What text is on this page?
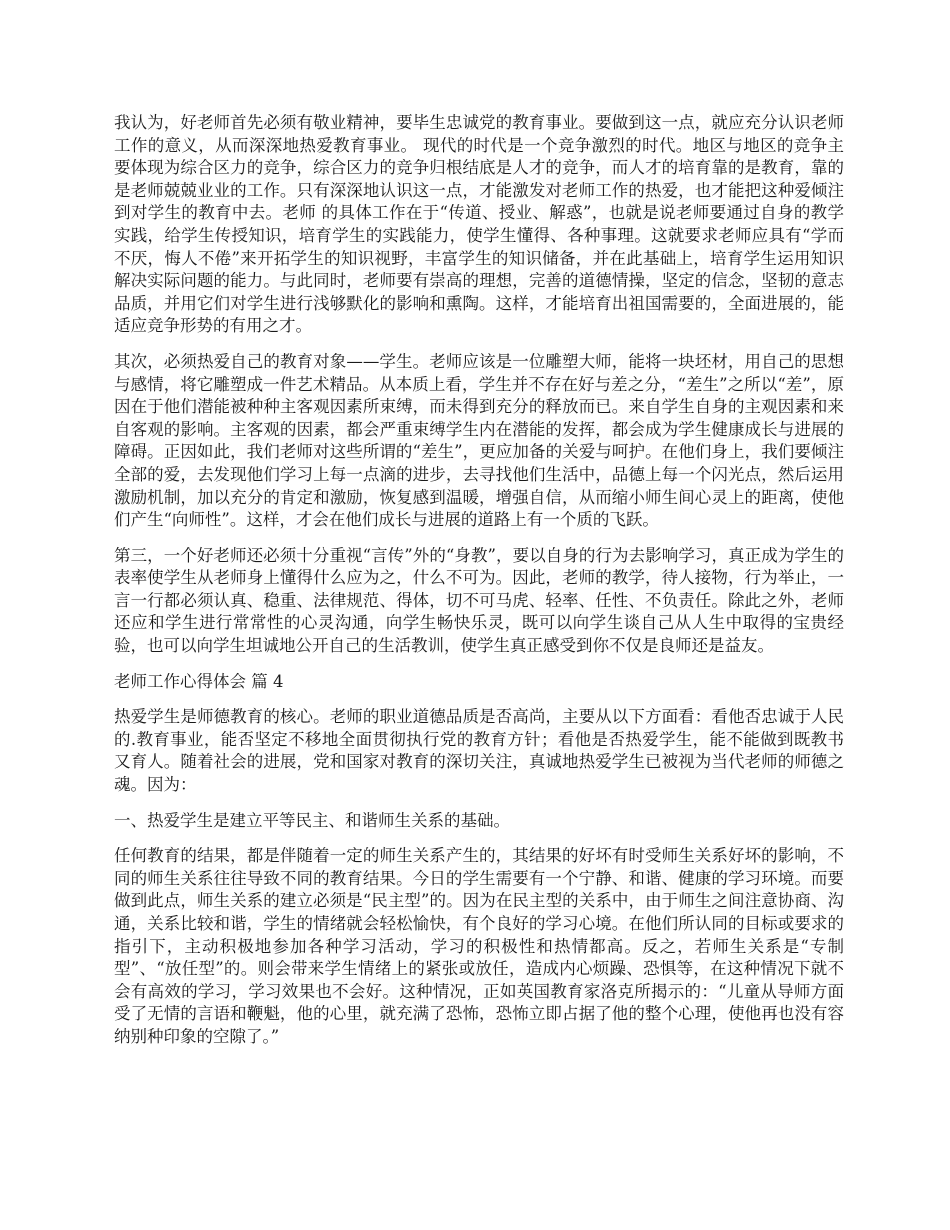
我认为，好老师首先必须有敬业精神，要毕生忠诚党的教育事业。要做到这一点，就应充分认识老师工作的意义，从而深深地热爱教育事业。 现代的时代是一个竞争激烈的时代。地区与地区的竞争主要体现为综合区力的竞争，综合区力的竞争归根结底是人才的竞争，而人才的培育靠的是教育，靠的是老师兢兢业业的工作。只有深深地认识这一点，才能激发对老师工作的热爱，也才能把这种爱倾注到对学生的教育中去。老师 的具体工作在于“传道、授业、解惑”，也就是说老师要通过自身的教学实践，给学生传授知识，培育学生的实践能力，使学生懂得、各种事理。这就要求老师应具有“学而不厌，悔人不倦”来开拓学生的知识视野，丰富学生的知识储备，并在此基础上，培育学生运用知识解决实际问题的能力。与此同时，老师要有崇高的理想，完善的道德情操，坚定的信念，坚韧的意志品质，并用它们对学生进行浅够默化的影响和熏陶。这样，才能培育出祖国需要的，全面进展的，能适应竞争形势的有用之才。

其次，必须热爱自己的教育对象——学生。老师应该是一位雕塑大师，能将一块坯材，用自己的思想与感情，将它雕塑成一件艺术精品。从本质上看，学生并不存在好与差之分，“差生”之所以“差”，原因在于他们潜能被种种主客观因素所束缚，而未得到充分的释放而已。来自学生自身的主观因素和来自客观的影响。主客观的因素，都会严重束缚学生内在潜能的发挥，都会成为学生健康成长与进展的障碍。正因如此，我们老师对这些所谓的“差生”，更应加备的关爱与呵护。在他们身上，我们要倾注全部的爱，去发现他们学习上每一点滴的进步，去寻找他们生活中，品德上每一个闪光点，然后运用激励机制，加以充分的肯定和激励，恢复感到温暖，增强自信，从而缩小师生间心灵上的距离，使他们产生“向师性”。这样，才会在他们成长与进展的道路上有一个质的飞跃。

第三，一个好老师还必须十分重视“言传”外的“身教”，要以自身的行为去影响学习，真正成为学生的表率使学生从老师身上懂得什么应为之，什么不可为。因此，老师的教学，待人接物，行为举止，一言一行都必须认真、稳重、法律规范、得体，切不可马虎、轻率、任性、不负责任。除此之外，老师还应和学生进行常常性的心灵沟通，向学生畅快乐灵，既可以向学生谈自己从人生中取得的宝贵经验，也可以向学生坦诚地公开自己的生活教训，使学生真正感受到你不仅是良师还是益友。

老师工作心得体会 篇 4

热爱学生是师德教育的核心。老师的职业道德品质是否高尚，主要从以下方面看：看他否忠诚于人民的.教育事业，能否坚定不移地全面贯彻执行党的教育方针；看他是否热爱学生，能不能做到既教书又育人。随着社会的进展，党和国家对教育的深切关注，真诚地热爱学生已被视为当代老师的师德之魂。因为：

一、热爱学生是建立平等民主、和谐师生关系的基础。

任何教育的结果，都是伴随着一定的师生关系产生的，其结果的好坏有时受师生关系好坏的影响，不同的师生关系往往导致不同的教育结果。今日的学生需要有一个宁静、和谐、健康的学习环境。而要做到此点，师生关系的建立必须是“民主型”的。因为在民主型的关系中，由于师生之间注意协商、沟通，关系比较和谐，学生的情绪就会轻松愉快，有个良好的学习心境。在他们所认同的目标或要求的指引下，主动积极地参加各种学习活动，学习的积极性和热情都高。反之，若师生关系是“专制型”、“放任型”的。则会带来学生情绪上的紧张或放任，造成内心烦躁、恐惧等，在这种情况下就不会有高效的学习，学习效果也不会好。这种情况，正如英国教育家洛克所揭示的：“儿童从导师方面受了无情的言语和鞭魁，他的心里，就充满了恐怖，恐怖立即占据了他的整个心理，使他再也没有容纳别种印象的空隙了。”
